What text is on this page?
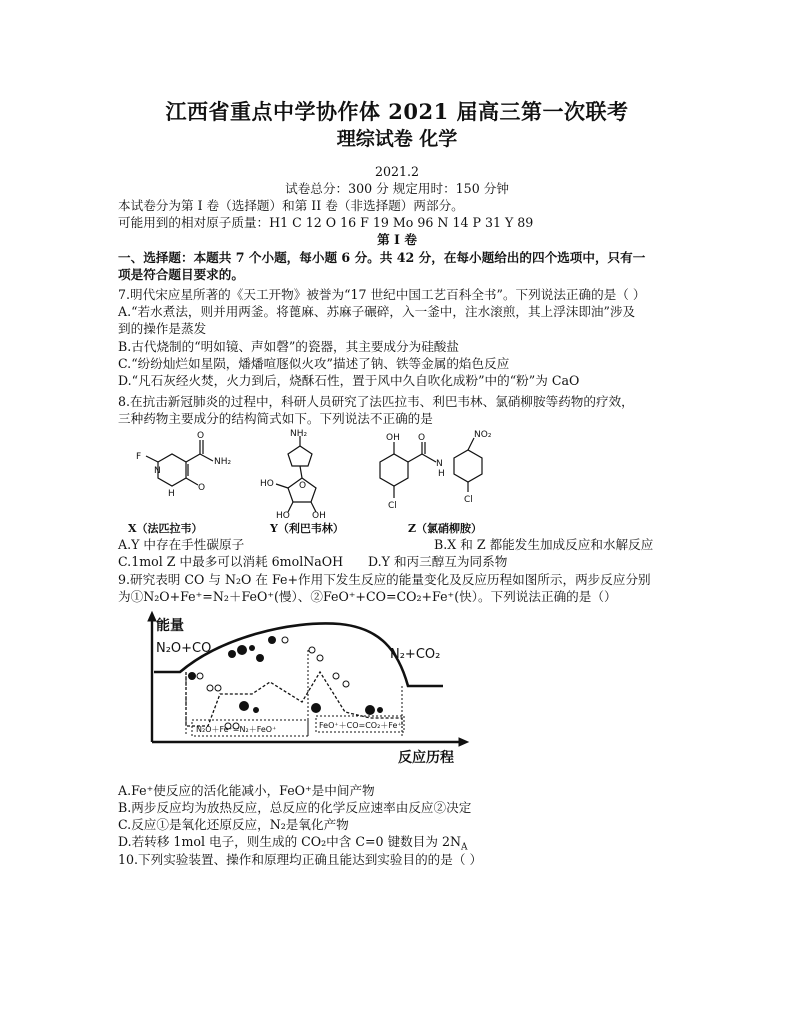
江西省重点中学协作体 2021 届高三第一次联考
理综试卷 化学
2021.2
试卷总分：300 分 规定用时：150 分钟
本试卷分为第 I 卷（选择题）和第 II 卷（非选择题）两部分。
可能用到的相对原子质量：H1 C 12 O 16 F 19 Mo 96 N 14 P 31 Y 89
第 I 卷
一、选择题：本题共 7 个小题，每小题 6 分。共 42 分，在每小题给出的四个选项中，只有一
项是符合题目要求的。
7.明代宋应星所著的《天工开物》被誉为“17 世纪中国工艺百科全书”。下列说法正确的是（ ）
A.“若水煮法，则并用两釜。将蓖麻、苏麻子碾碎，入一釜中，注水滚煎，其上浮沫即油”涉及
到的操作是蒸发
B.古代烧制的“明如镜、声如磬”的瓷器，其主要成分为硅酸盐
C.“纷纷灿烂如星陨，燔燔喧豗似火攻”描述了钠、铁等金属的焰色反应
D.“凡石灰经火焚，火力到后，烧酥石性，置于风中久自吹化成粉”中的“粉”为 CaO
8.在抗击新冠肺炎的过程中，科研人员研究了法匹拉韦、利巴韦林、氯硝柳胺等药物的疗效，
三种药物主要成分的结构简式如下。下列说法不正确的是
F
N
O
NH₂
O
H
NH₂
O
HO
HO OH
OH O
N
H
Cl
Cl
NO₂
X（法匹拉韦）	Y（利巴韦林）	Z（氯硝柳胺）
A.Y 中存在手性碳原子	B.X 和 Z 都能发生加成反应和水解反应
C.1mol Z 中最多可以消耗 6molNaOH	D.Y 和丙三醇互为同系物
9.研究表明 CO 与 N₂O 在 Fe+作用下发生反应的能量变化及反应历程如图所示，两步反应分别
为①N₂O+Fe⁺=N₂＋FeO⁺(慢）、②FeO⁺+CO=CO₂+Fe⁺(快）。下列说法正确的是（）
能量
N₂O+CO	N₂+CO₂
反应历程
N₂O＋Fe⁺=N₂＋FeO⁺	FeO⁺＋CO=CO₂＋Fe⁺
A.Fe⁺使反应的活化能减小，FeO⁺是中间产物
B.两步反应均为放热反应，总反应的化学反应速率由反应②决定
C.反应①是氧化还原反应，N₂是氧化产物
D.若转移 1mol 电子，则生成的 CO₂中含 C=0 键数目为 $2N_A$
10.下列实验装置、操作和原理均正确且能达到实验目的的是（ ）
